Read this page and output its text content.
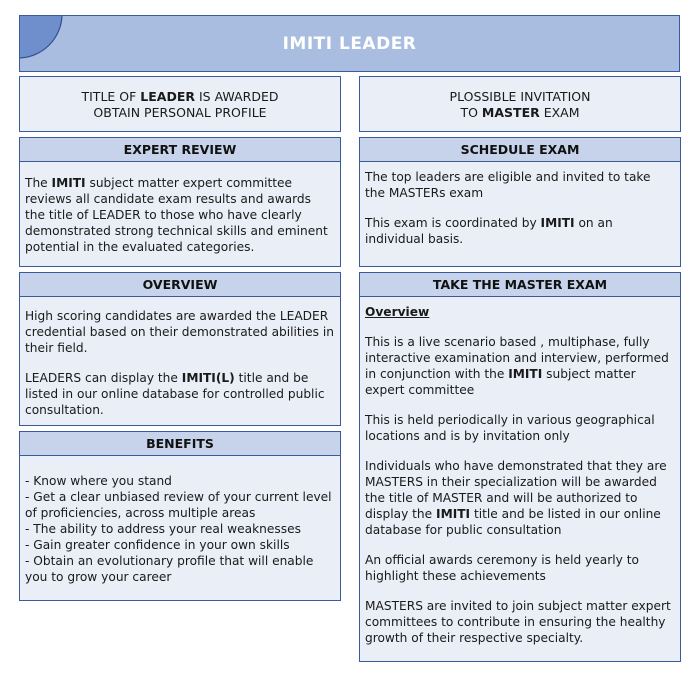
IMITI LEADER

TITLE OF LEADER IS AWARDED

OBTAIN PERSONAL PROFILE

EXPERT REVIEW

The IMITI subject matter expert committee reviews all candidate exam results and awards the title of LEADER to those who have clearly demonstrated strong technical skills and eminent potential in the evaluated categories.

OVERVIEW

High scoring candidates are awarded the LEADER credential based on their demonstrated abilities in their field.

LEADERS can display the IMITI(L) title and be listed in our online database for controlled public consultation.

BENEFITS

- Know where you stand

- Get a clear unbiased review of your current level of proficiencies, across multiple areas

- The ability to address your real weaknesses

- Gain greater confidence in your own skills

- Obtain an evolutionary profile that will enable you to grow your career

PLOSSIBLE INVITATION

TO MASTER EXAM

SCHEDULE EXAM

The top leaders are eligible and invited to take the MASTERs exam

This exam is coordinated by IMITI on an individual basis.

TAKE THE MASTER EXAM

Overview

This is a live scenario based , multiphase, fully interactive examination and interview, performed in conjunction with the IMITI subject matter expert committee

This is held periodically in various geographical locations and is by invitation only

Individuals who have demonstrated that they are MASTERS in their specialization will be awarded the title of MASTER and will be authorized to display the IMITI title and be listed in our online database for public consultation

An official awards ceremony is held yearly to highlight these achievements

MASTERS are invited to join subject matter expert committees to contribute in ensuring the healthy growth of their respective specialty.
